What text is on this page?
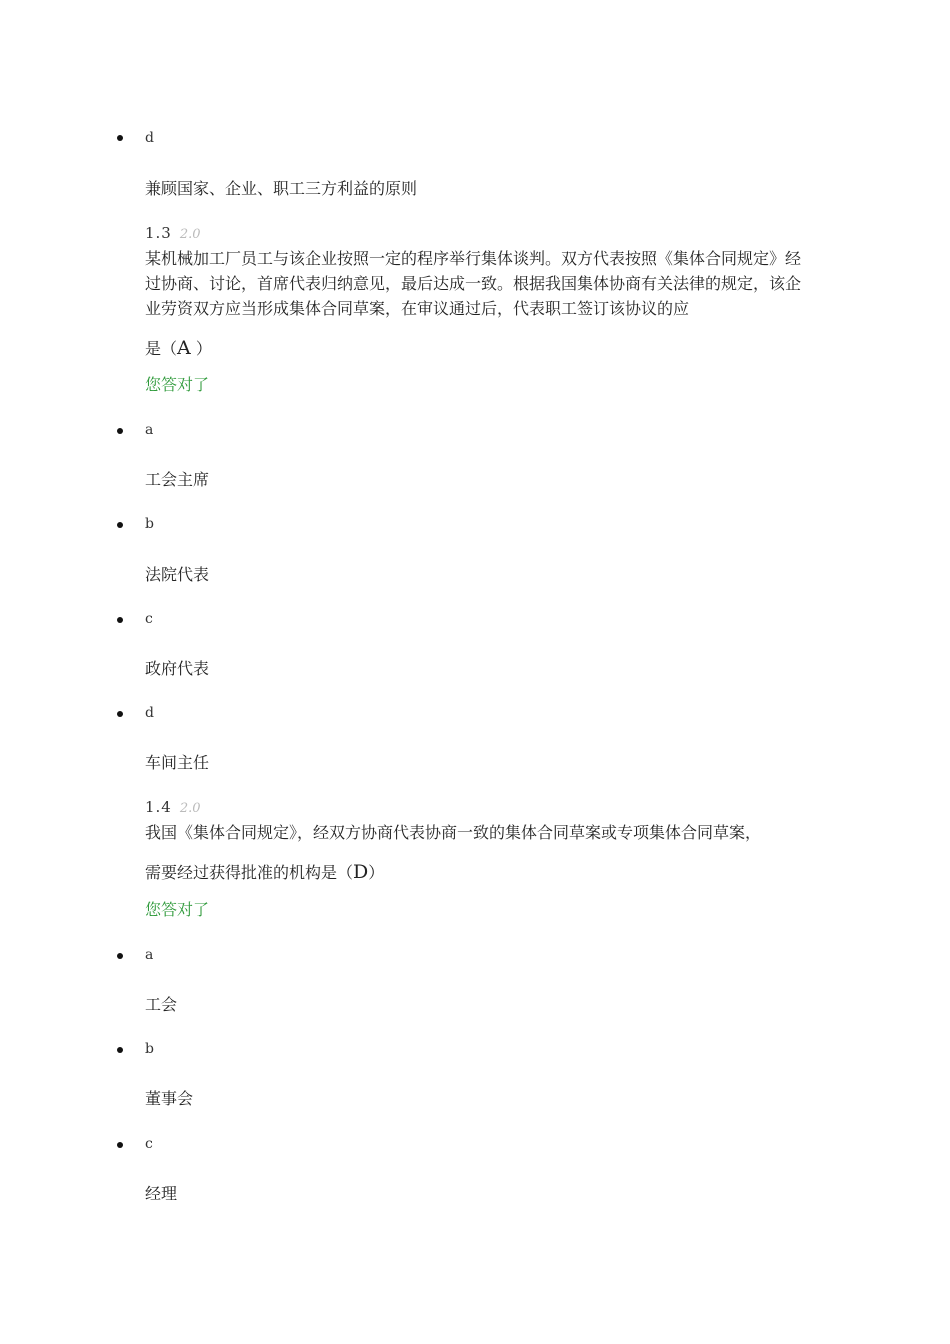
d
兼顾国家、企业、职工三方利益的原则
1.3 2.0
某机械加工厂员工与该企业按照一定的程序举行集体谈判。双方代表按照《集体合同规定》经过协商、讨论，首席代表归纳意见，最后达成一致。根据我国集体协商有关法律的规定，该企业劳资双方应当形成集体合同草案，在审议通过后，代表职工签订该协议的应
是（A ）
您答对了
a
工会主席
b
法院代表
c
政府代表
d
车间主任
1.4 2.0
我国《集体合同规定》，经双方协商代表协商一致的集体合同草案或专项集体合同草案，
需要经过获得批准的机构是（D）
您答对了
a
工会
b
董事会
c
经理
